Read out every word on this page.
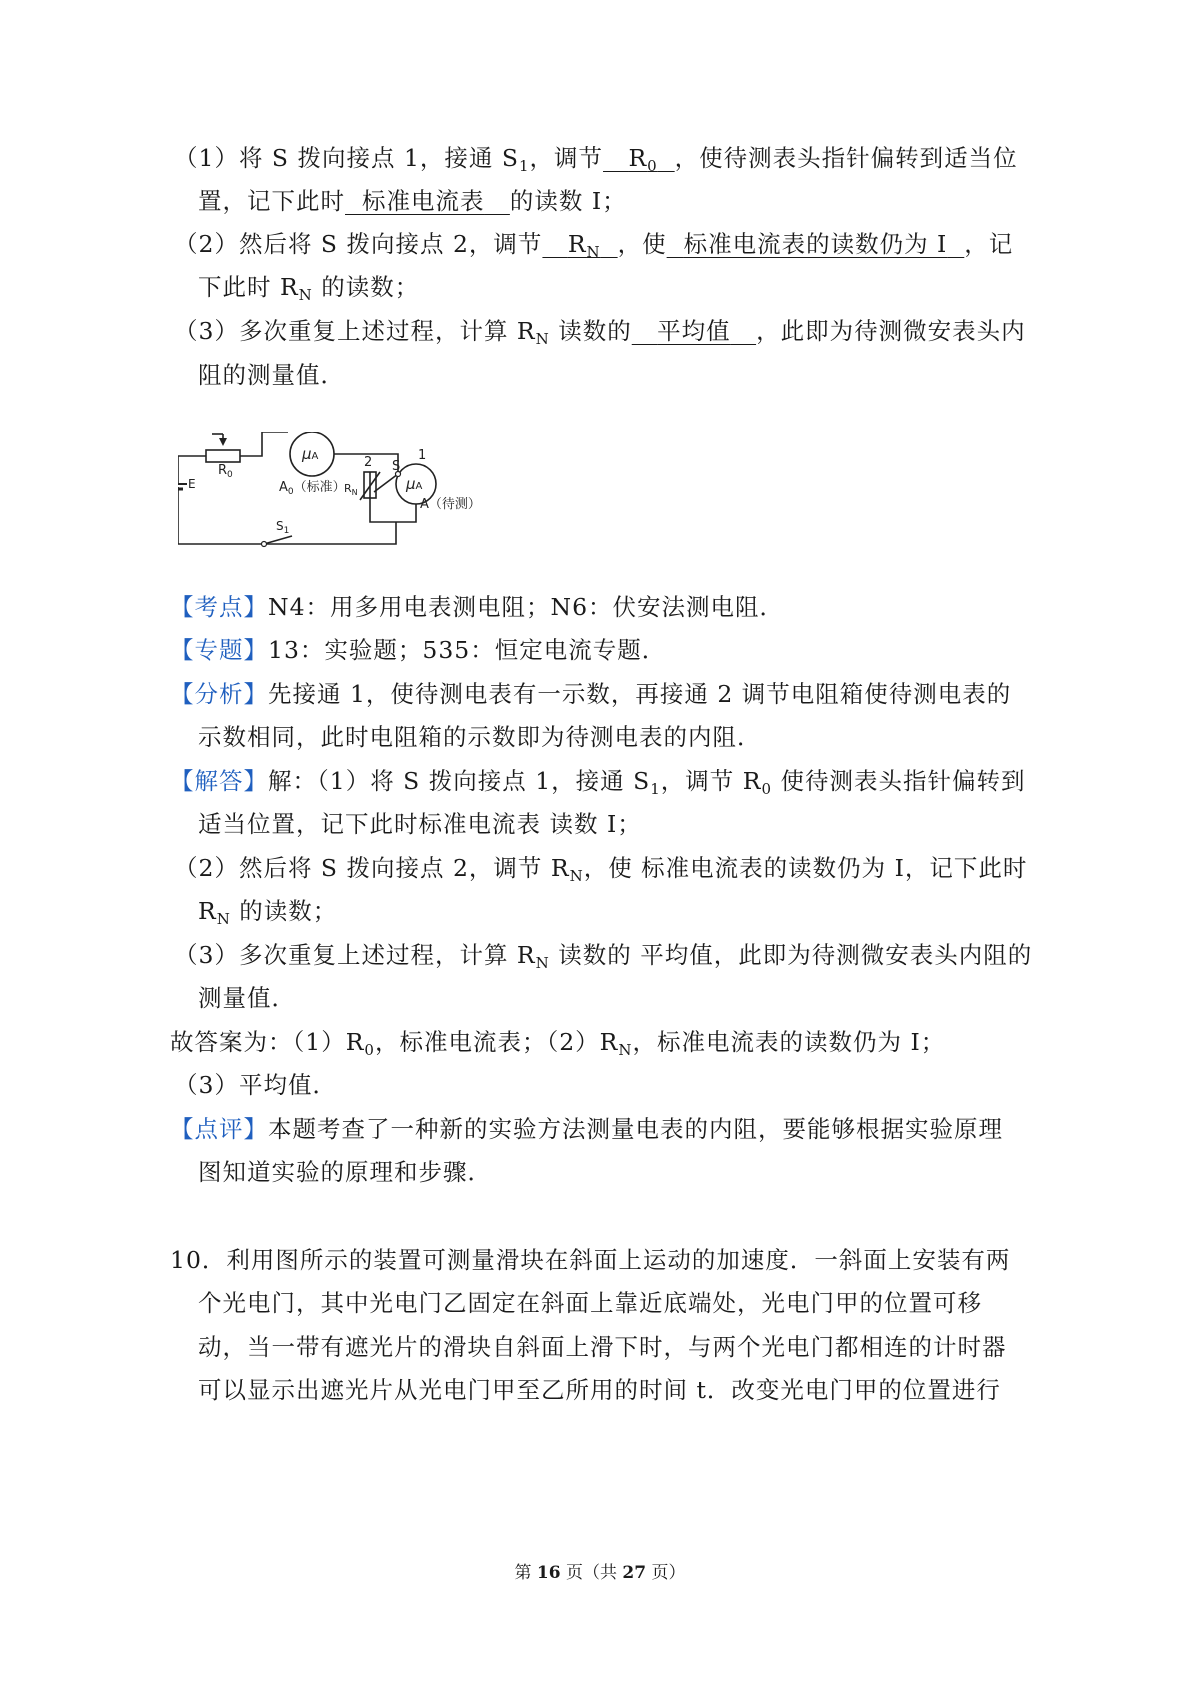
（1）将 S 拨向接点 1，接通 $S_1$，调节 $R_0$ ，使待测表头指针偏转到适当位
置，记下此时 标准电流表 的读数 I；
（2）然后将 S 拨向接点 2，调节 $R_N$ ，使 标准电流表的读数仍为 I ，记
下此时 $R_N$ 的读数；
（3）多次重复上述过程，计算 $R_N$ 读数的 平均值 ，此即为待测微安表头内
阻的测量值．
$R_0$
μA
$A_0$（标准）
S
1
2
μA
$R_N$
A（待测）
E
$S_1$
【考点】N4：用多用电表测电阻；N6：伏安法测电阻．
【专题】13：实验题；535：恒定电流专题．
【分析】先接通 1，使待测电表有一示数，再接通 2 调节电阻箱使待测电表的
示数相同，此时电阻箱的示数即为待测电表的内阻．
【解答】解：（1）将 S 拨向接点 1，接通 $S_1$，调节 $R_0$ 使待测表头指针偏转到
适当位置，记下此时标准电流表 读数 I；
（2）然后将 S 拨向接点 2，调节 $R_N$，使 标准电流表的读数仍为 I，记下此时
$R_N$ 的读数；
（3）多次重复上述过程，计算 $R_N$ 读数的 平均值，此即为待测微安表头内阻的
测量值．
故答案为：$(1)R_0$，标准电流表；$(2)R_N$，标准电流表的读数仍为 I；
（3）平均值．
【点评】本题考查了一种新的实验方法测量电表的内阻，要能够根据实验原理
图知道实验的原理和步骤．
10．利用图所示的装置可测量滑块在斜面上运动的加速度．一斜面上安装有两
个光电门，其中光电门乙固定在斜面上靠近底端处，光电门甲的位置可移
动，当一带有遮光片的滑块自斜面上滑下时，与两个光电门都相连的计时器
可以显示出遮光片从光电门甲至乙所用的时间 t．改变光电门甲的位置进行
第 16 页（共 27 页）
